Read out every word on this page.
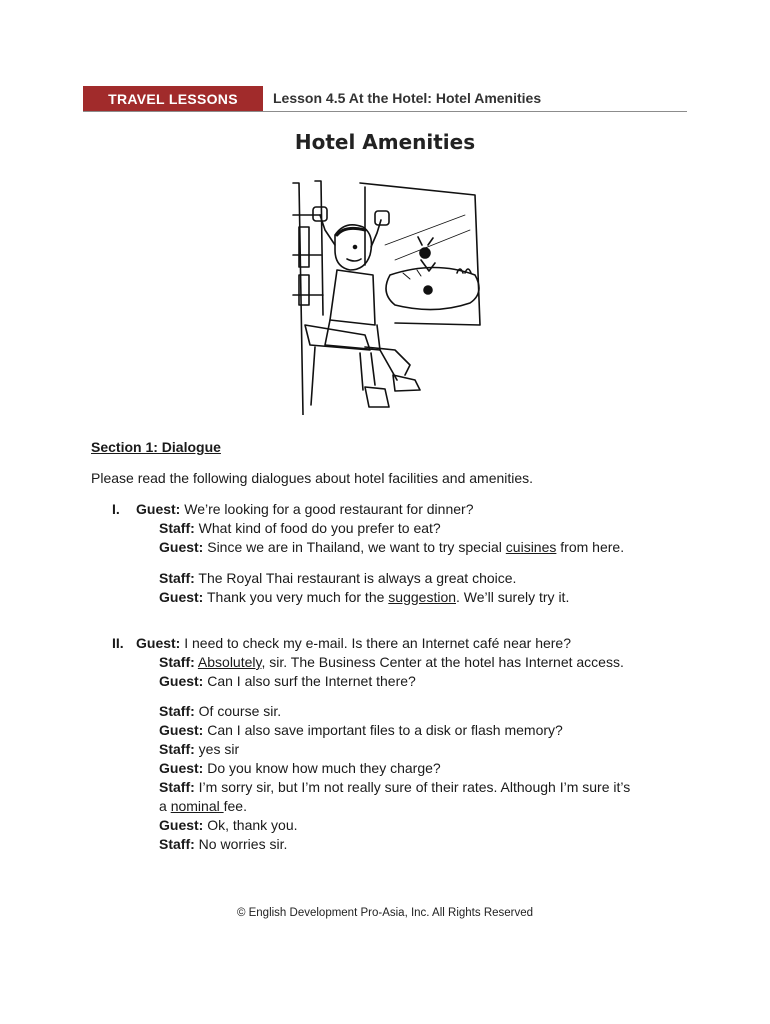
TRAVEL LESSONS	Lesson 4.5 At the Hotel: Hotel Amenities
Hotel Amenities
Section 1: Dialogue
Please read the following dialogues about hotel facilities and amenities.
I. Guest: We’re looking for a good restaurant for dinner?
Staff: What kind of food do you prefer to eat?
Guest: Since we are in Thailand, we want to try special cuisines from here.
Staff: The Royal Thai restaurant is always a great choice.
Guest: Thank you very much for the suggestion. We’ll surely try it.
II. Guest: I need to check my e-mail. Is there an Internet café near here?
Staff: Absolutely, sir. The Business Center at the hotel has Internet access.
Guest: Can I also surf the Internet there?
Staff: Of course sir.
Guest: Can I also save important files to a disk or flash memory?
Staff: yes sir
Guest: Do you know how much they charge?
Staff: I’m sorry sir, but I’m not really sure of their rates. Although I’m sure it’s
a nominal fee.
Guest: Ok, thank you.
Staff: No worries sir.
© English Development Pro-Asia, Inc. All Rights Reserved
